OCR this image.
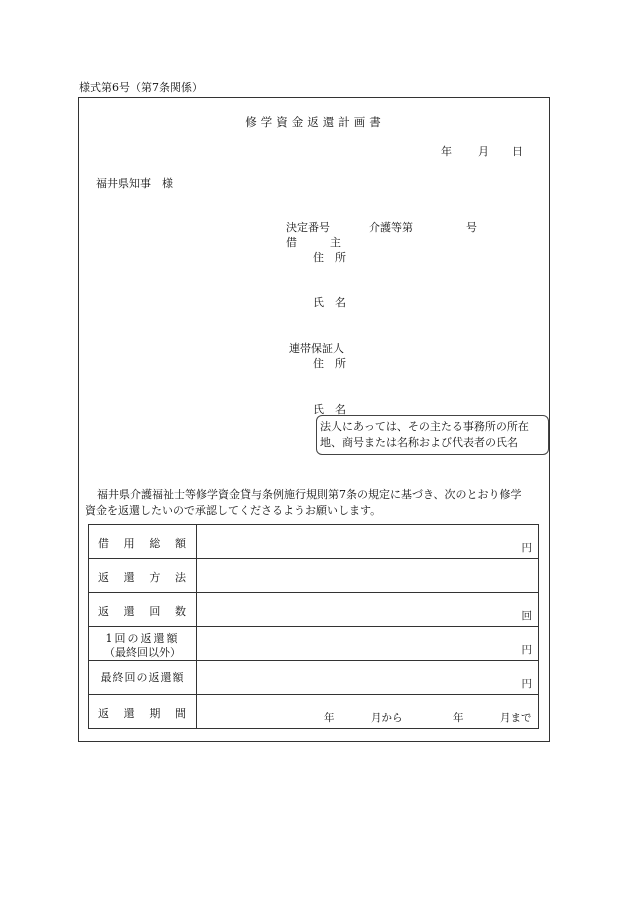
様式第6号（第7条関係）
修学資金返還計画書
年 月 日
福井県知事　様
決定番号	介護等第	号
借　　　主
住　所
氏　名
連帯保証人
住　所
氏　名
法人にあっては、その主たる事務所の所在
地、商号または名称および代表者の氏名
福井県介護福祉士等修学資金貸与条例施行規則第7条の規定に基づき、次のとおり修学
資金を返還したいので承認してくださるようお願いします。
借 用 総 額	円

返 還 方 法	

返 還 回 数	回

1回の返還額
（最終回以外）	円

最終回の返還額	円

返 還 期 間	年 月から 年 月まで
